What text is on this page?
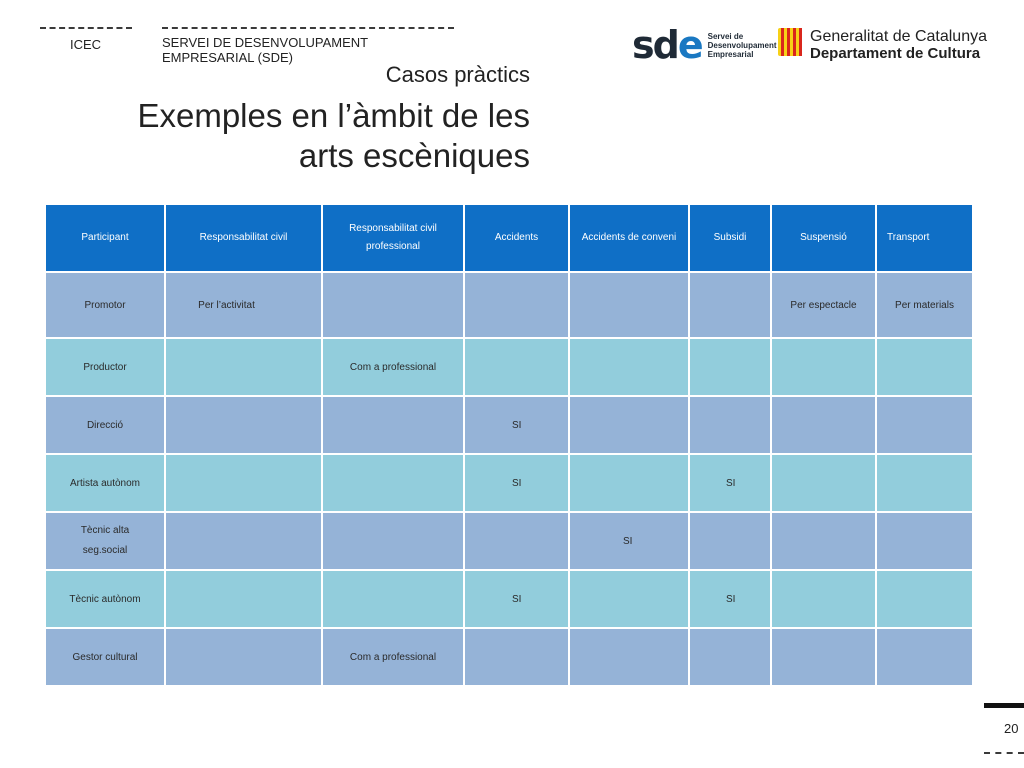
ICEC	SERVEI DE DESENVOLUPAMENT
EMPRESARIAL (SDE)	sde Servei de
Desenvolupament
Empresarial
Generalitat de Catalunya
Departament de Cultura
Casos pràctics
Exemples en l’àmbit de les
arts escèniques
Participant	Responsabilitat civil	Responsabilitat civil professional	Accidents	Accidents de conveni	Subsidi	Suspensió	Transport
Promotor	Per l’activitat					Per espectacle	Per materials
Productor		Com a professional					
Direcció			SI				
Artista autònom			SI		SI		
Tècnic alta seg.social				SI			
Tècnic autònom			SI		SI		
Gestor cultural		Com a professional					
20
